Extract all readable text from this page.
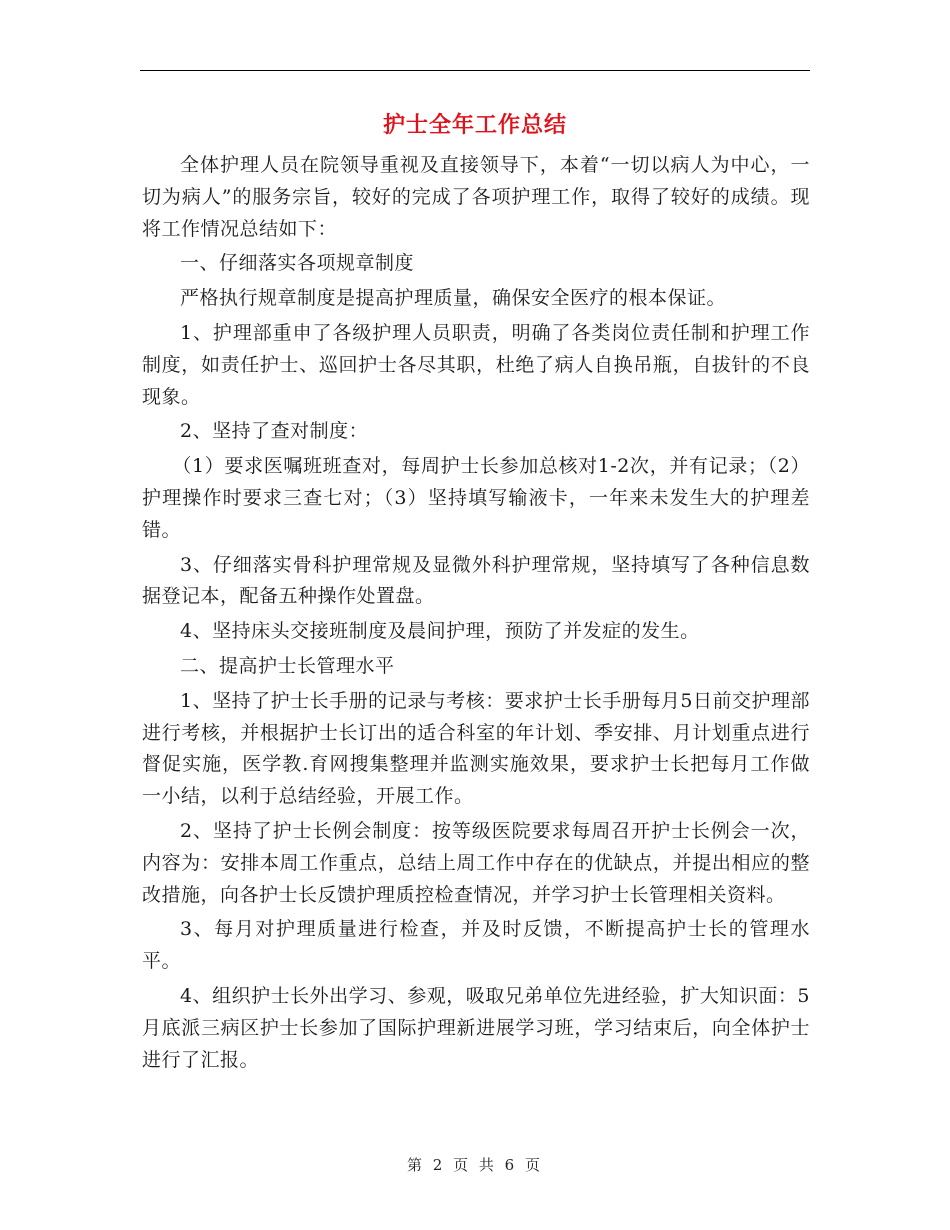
护士全年工作总结

全体护理人员在院领导重视及直接领导下，本着“一切以病人为中心，一切为病人”的服务宗旨，较好的完成了各项护理工作，取得了较好的成绩。现将工作情况总结如下：

一、仔细落实各项规章制度

严格执行规章制度是提高护理质量，确保安全医疗的根本保证。

1、护理部重申了各级护理人员职责，明确了各类岗位责任制和护理工作制度，如责任护士、巡回护士各尽其职，杜绝了病人自换吊瓶，自拔针的不良现象。

2、坚持了查对制度：

（1）要求医嘱班班查对，每周护士长参加总核对1-2次，并有记录；（2）护理操作时要求三查七对；（3）坚持填写输液卡，一年来未发生大的护理差错。

3、仔细落实骨科护理常规及显微外科护理常规，坚持填写了各种信息数据登记本，配备五种操作处置盘。

4、坚持床头交接班制度及晨间护理，预防了并发症的发生。

二、提高护士长管理水平

1、坚持了护士长手册的记录与考核：要求护士长手册每月5日前交护理部进行考核，并根据护士长订出的适合科室的年计划、季安排、月计划重点进行督促实施，医学教.育网搜集整理并监测实施效果，要求护士长把每月工作做一小结，以利于总结经验，开展工作。

2、坚持了护士长例会制度：按等级医院要求每周召开护士长例会一次，内容为：安排本周工作重点，总结上周工作中存在的优缺点，并提出相应的整改措施，向各护士长反馈护理质控检查情况，并学习护士长管理相关资料。

3、每月对护理质量进行检查，并及时反馈，不断提高护士长的管理水平。

4、组织护士长外出学习、参观，吸取兄弟单位先进经验，扩大知识面：5月底派三病区护士长参加了国际护理新进展学习班，学习结束后，向全体护士进行了汇报。

第 2 页 共 6 页
